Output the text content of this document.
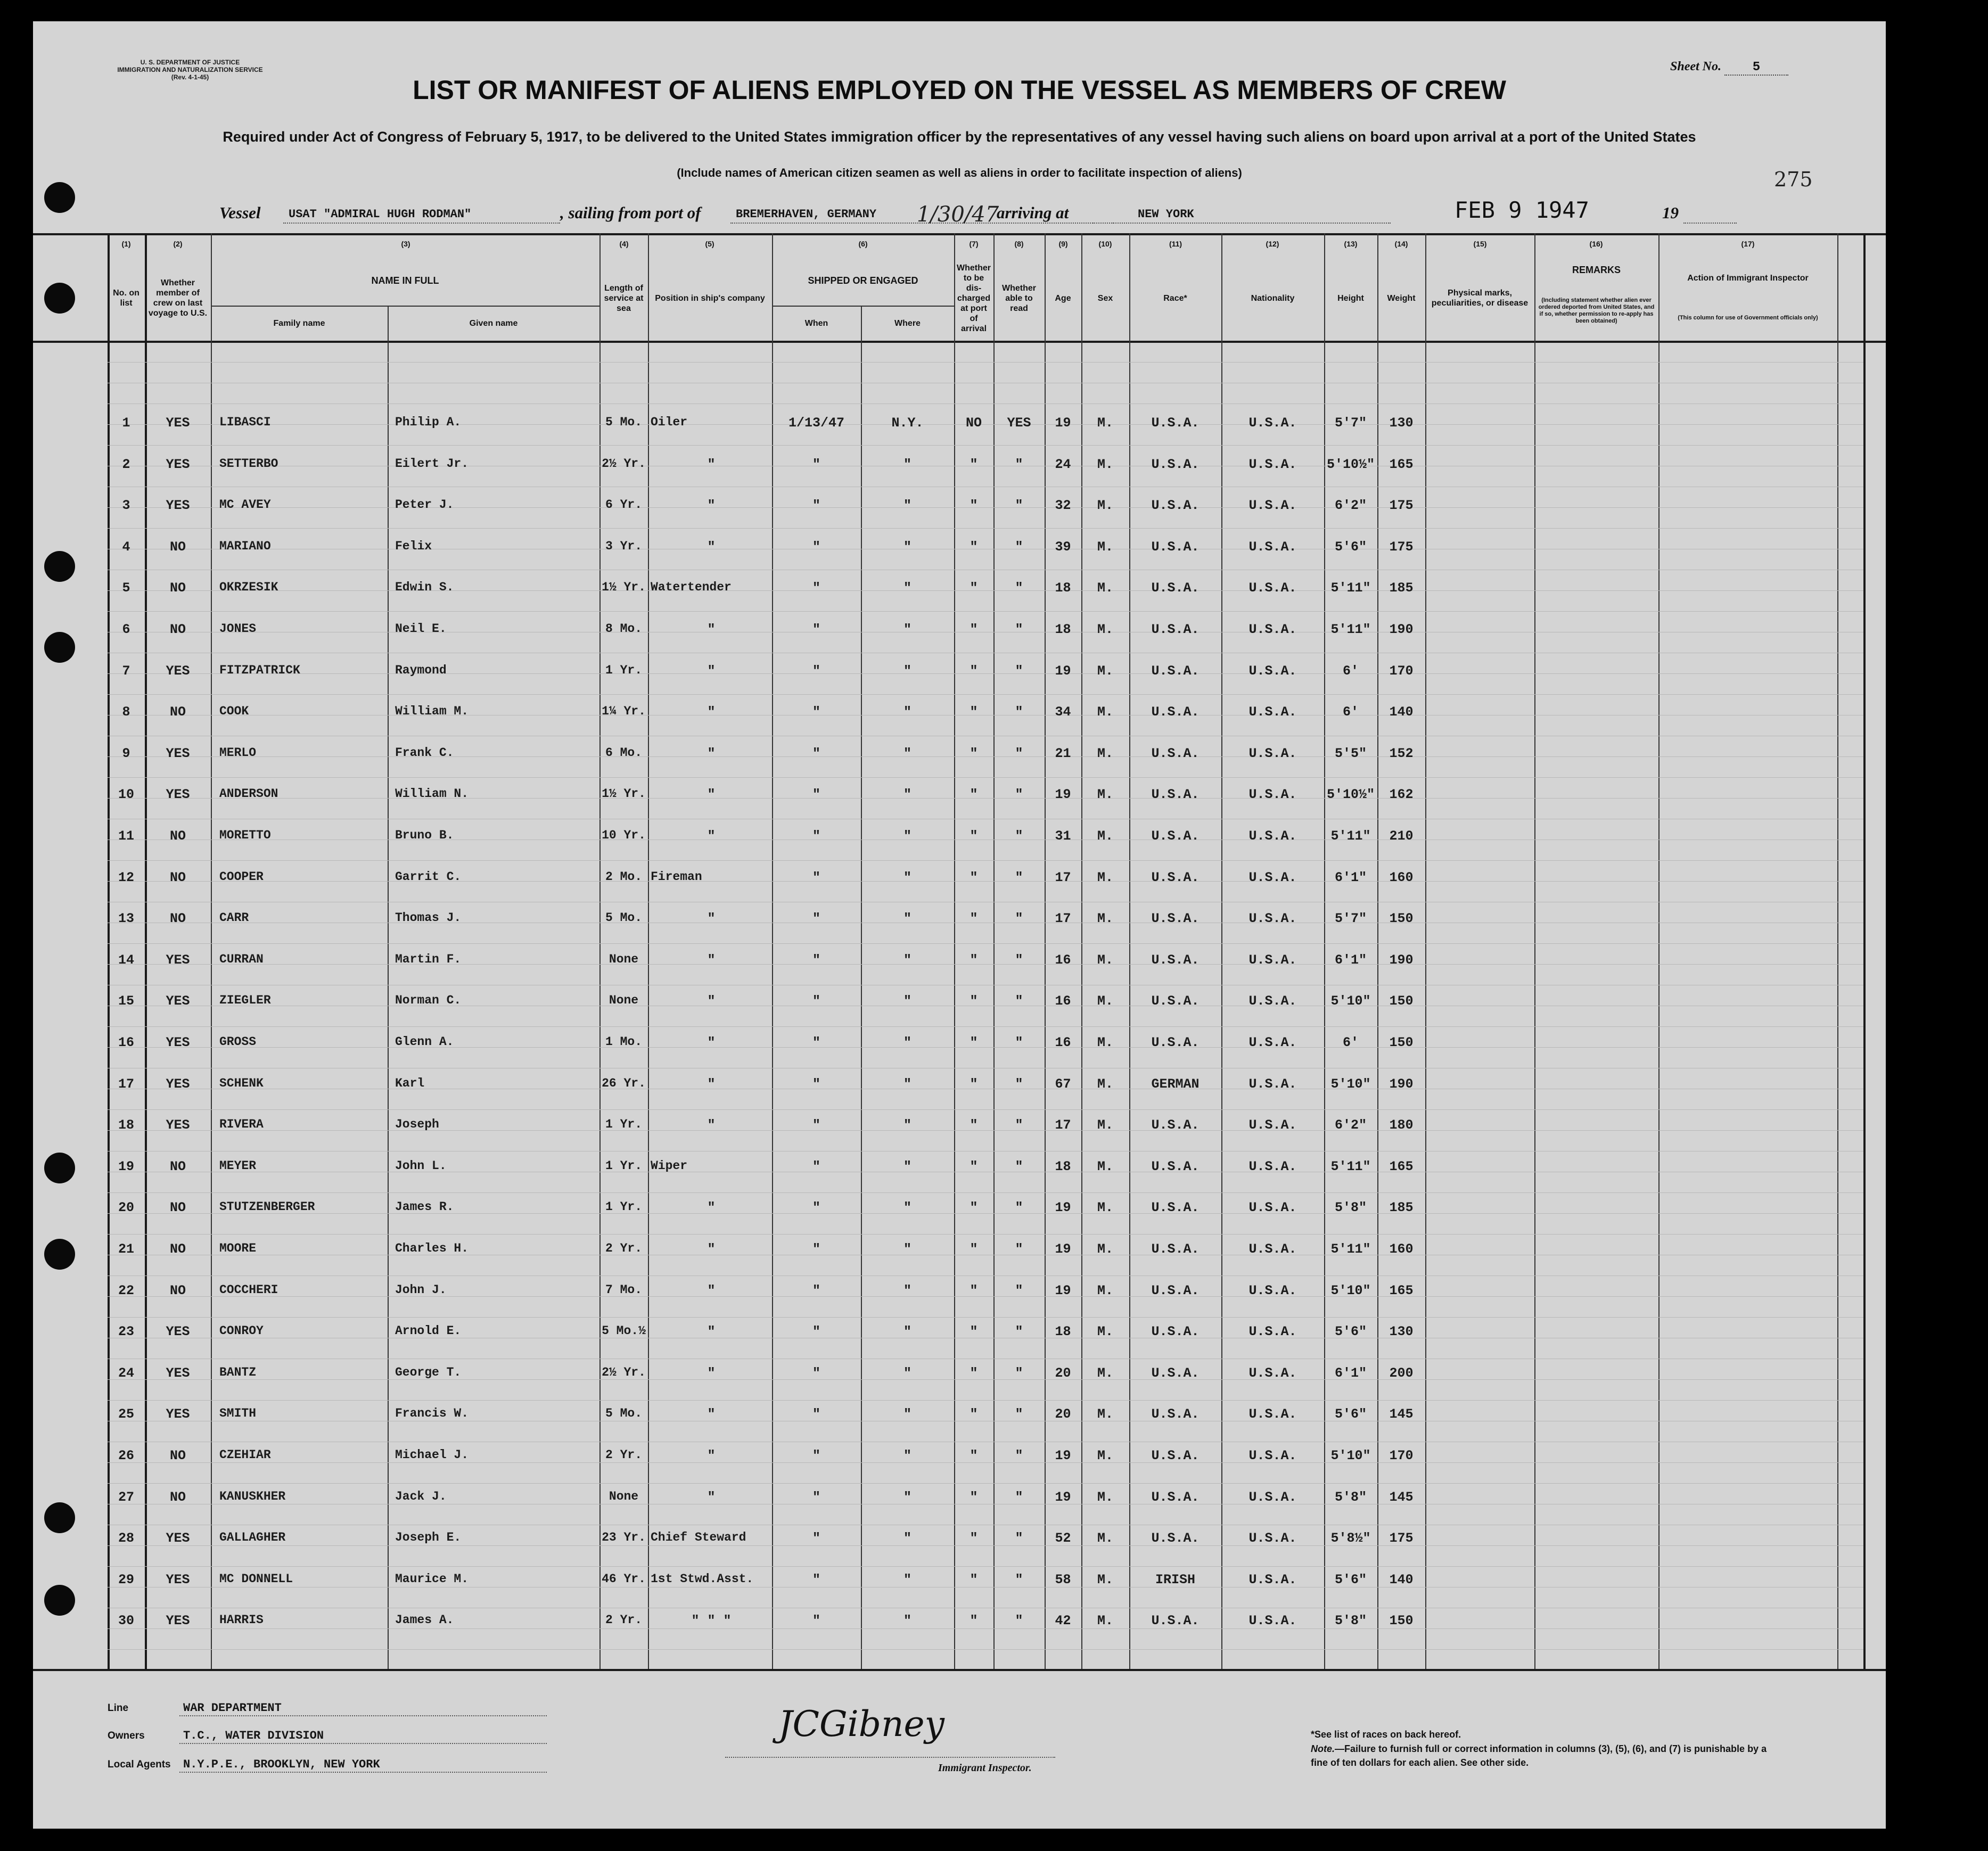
U. S. DEPARTMENT OF JUSTICE
IMMIGRATION AND NATURALIZATION SERVICE
(Rev. 4-1-45)
Sheet No. 5
LIST OR MANIFEST OF ALIENS EMPLOYED ON THE VESSEL AS MEMBERS OF CREW
Required under Act of Congress of February 5, 1917, to be delivered to the United States immigration officer by the representatives of any vessel having such aliens on board upon arrival at a port of the United States
(Include names of American citizen seamen as well as aliens in order to facilitate inspection of aliens)	275
Vessel USAT "ADMIRAL HUGH RODMAN"	, sailing from port of	BREMERHAVEN, GERMANY 1/30/47
arriving at	NEW YORK	FEB 9 1947	19
(1)	(2)	(3)	(4)	(5)	(6)	(7)	(8)	(9)	(10)	(11)	(12)	(13)	(14)	(15)	(16)	(17)
No. on list
Whether member of crew on last voyage to U.S.
NAME IN FULL
Family name	Given name
Length of service at sea
Position in ship's company
SHIPPED OR ENGAGED
When	Where
Whether to be dis-charged at port of arrival
Whether able to read
Age	Sex	Race*	Nationality	Height	Weight
Physical marks, peculiarities, or disease
REMARKS
(Including statement whether alien ever ordered deported from United States, and if so, whether permission to re-apply has been obtained)
Action of Immigrant Inspector
(This column for use of Government officials only)
1	YES	LIBASCI	Philip A.	5 Mo. Oiler	1/13/47	N.Y.	NO	YES	19	M.	U.S.A.	U.S.A.	5'7"	130
2	YES	SETTERBO	Eilert Jr.	2½ Yr.	"	"	"	"	"	24	M.	U.S.A.	U.S.A.	5'10½"	165
3	YES	MC AVEY	Peter J.	6 Yr.	"	"	"	"	"	32	M.	U.S.A.	U.S.A.	6'2"	175
4	NO	MARIANO	Felix	3 Yr.	"	"	"	"	"	39	M.	U.S.A.	U.S.A.	5'6"	175
5	NO	OKRZESIK	Edwin S.	1½ Yr. Watertender	"	"	"	"	18	M.	U.S.A.	U.S.A.	5'11"	185
6	NO	JONES	Neil E.	8 Mo.	"	"	"	"	"	18	M.	U.S.A.	U.S.A.	5'11"	190
7	YES	FITZPATRICK	Raymond	1 Yr.	"	"	"	"	"	19	M.	U.S.A.	U.S.A.	6'	170
8	NO	COOK	William M.	1¼ Yr.	"	"	"	"	"	34	M.	U.S.A.	U.S.A.	6'	140
9	YES	MERLO	Frank C.	6 Mo.	"	"	"	"	"	21	M.	U.S.A.	U.S.A.	5'5"	152
10	YES	ANDERSON	William N.	1½ Yr.	"	"	"	"	"	19	M.	U.S.A.	U.S.A.	5'10½"	162
11	NO	MORETTO	Bruno B.	10 Yr.	"	"	"	"	"	31	M.	U.S.A.	U.S.A.	5'11"	210
12	NO	COOPER	Garrit C.	2 Mo. Fireman	"	"	"	"	17	M.	U.S.A.	U.S.A.	6'1"	160
13	NO	CARR	Thomas J.	5 Mo.	"	"	"	"	"	17	M.	U.S.A.	U.S.A.	5'7"	150
14	YES	CURRAN	Martin F.	None	"	"	"	"	"	16	M.	U.S.A.	U.S.A.	6'1"	190
15	YES	ZIEGLER	Norman C.	None	"	"	"	"	"	16	M.	U.S.A.	U.S.A.	5'10"	150
16	YES	GROSS	Glenn A.	1 Mo.	"	"	"	"	"	16	M.	U.S.A.	U.S.A.	6'	150
17	YES	SCHENK	Karl	26 Yr.	"	"	"	"	"	67	M.	GERMAN	U.S.A.	5'10"	190
18	YES	RIVERA	Joseph	1 Yr.	"	"	"	"	"	17	M.	U.S.A.	U.S.A.	6'2"	180
19	NO	MEYER	John L.	1 Yr. Wiper	"	"	"	"	18	M.	U.S.A.	U.S.A.	5'11"	165
20	NO	STUTZENBERGER	James R.	1 Yr.	"	"	"	"	"	19	M.	U.S.A.	U.S.A.	5'8"	185
21	NO	MOORE	Charles H.	2 Yr.	"	"	"	"	"	19	M.	U.S.A.	U.S.A.	5'11"	160
22	NO	COCCHERI	John J.	7 Mo.	"	"	"	"	"	19	M.	U.S.A.	U.S.A.	5'10"	165
23	YES	CONROY	Arnold E.	5 Mo.½	"	"	"	"	"	18	M.	U.S.A.	U.S.A.	5'6"	130
24	YES	BANTZ	George T.	2½ Yr.	"	"	"	"	"	20	M.	U.S.A.	U.S.A.	6'1"	200
25	YES	SMITH	Francis W.	5 Mo.	"	"	"	"	"	20	M.	U.S.A.	U.S.A.	5'6"	145
26	NO	CZEHIAR	Michael J.	2 Yr.	"	"	"	"	"	19	M.	U.S.A.	U.S.A.	5'10"	170
27	NO	KANUSKHER	Jack J.	None	"	"	"	"	"	19	M.	U.S.A.	U.S.A.	5'8"	145
28	YES	GALLAGHER	Joseph E.	23 Yr. Chief Steward	"	"	"	"	52	M.	U.S.A.	U.S.A.	5'8½"	175
29	YES	MC DONNELL	Maurice M.	46 Yr. 1st Stwd.Asst.	"	"	"	"	58	M.	IRISH	U.S.A.	5'6"	140
30	YES	HARRIS	James A.	2 Yr.	" " "	"	"	"	"	42	M.	U.S.A.	U.S.A.	5'8"	150
Line	WAR DEPARTMENT
Owners	T.C., WATER DIVISION
Local Agents N.Y.P.E., BROOKLYN, NEW YORK
JCGibney
Immigrant Inspector.
*See list of races on back hereof.
Note.—Failure to furnish full or correct information in columns (3), (5), (6), and (7) is punishable by a fine of ten dollars for each alien. See other side.
